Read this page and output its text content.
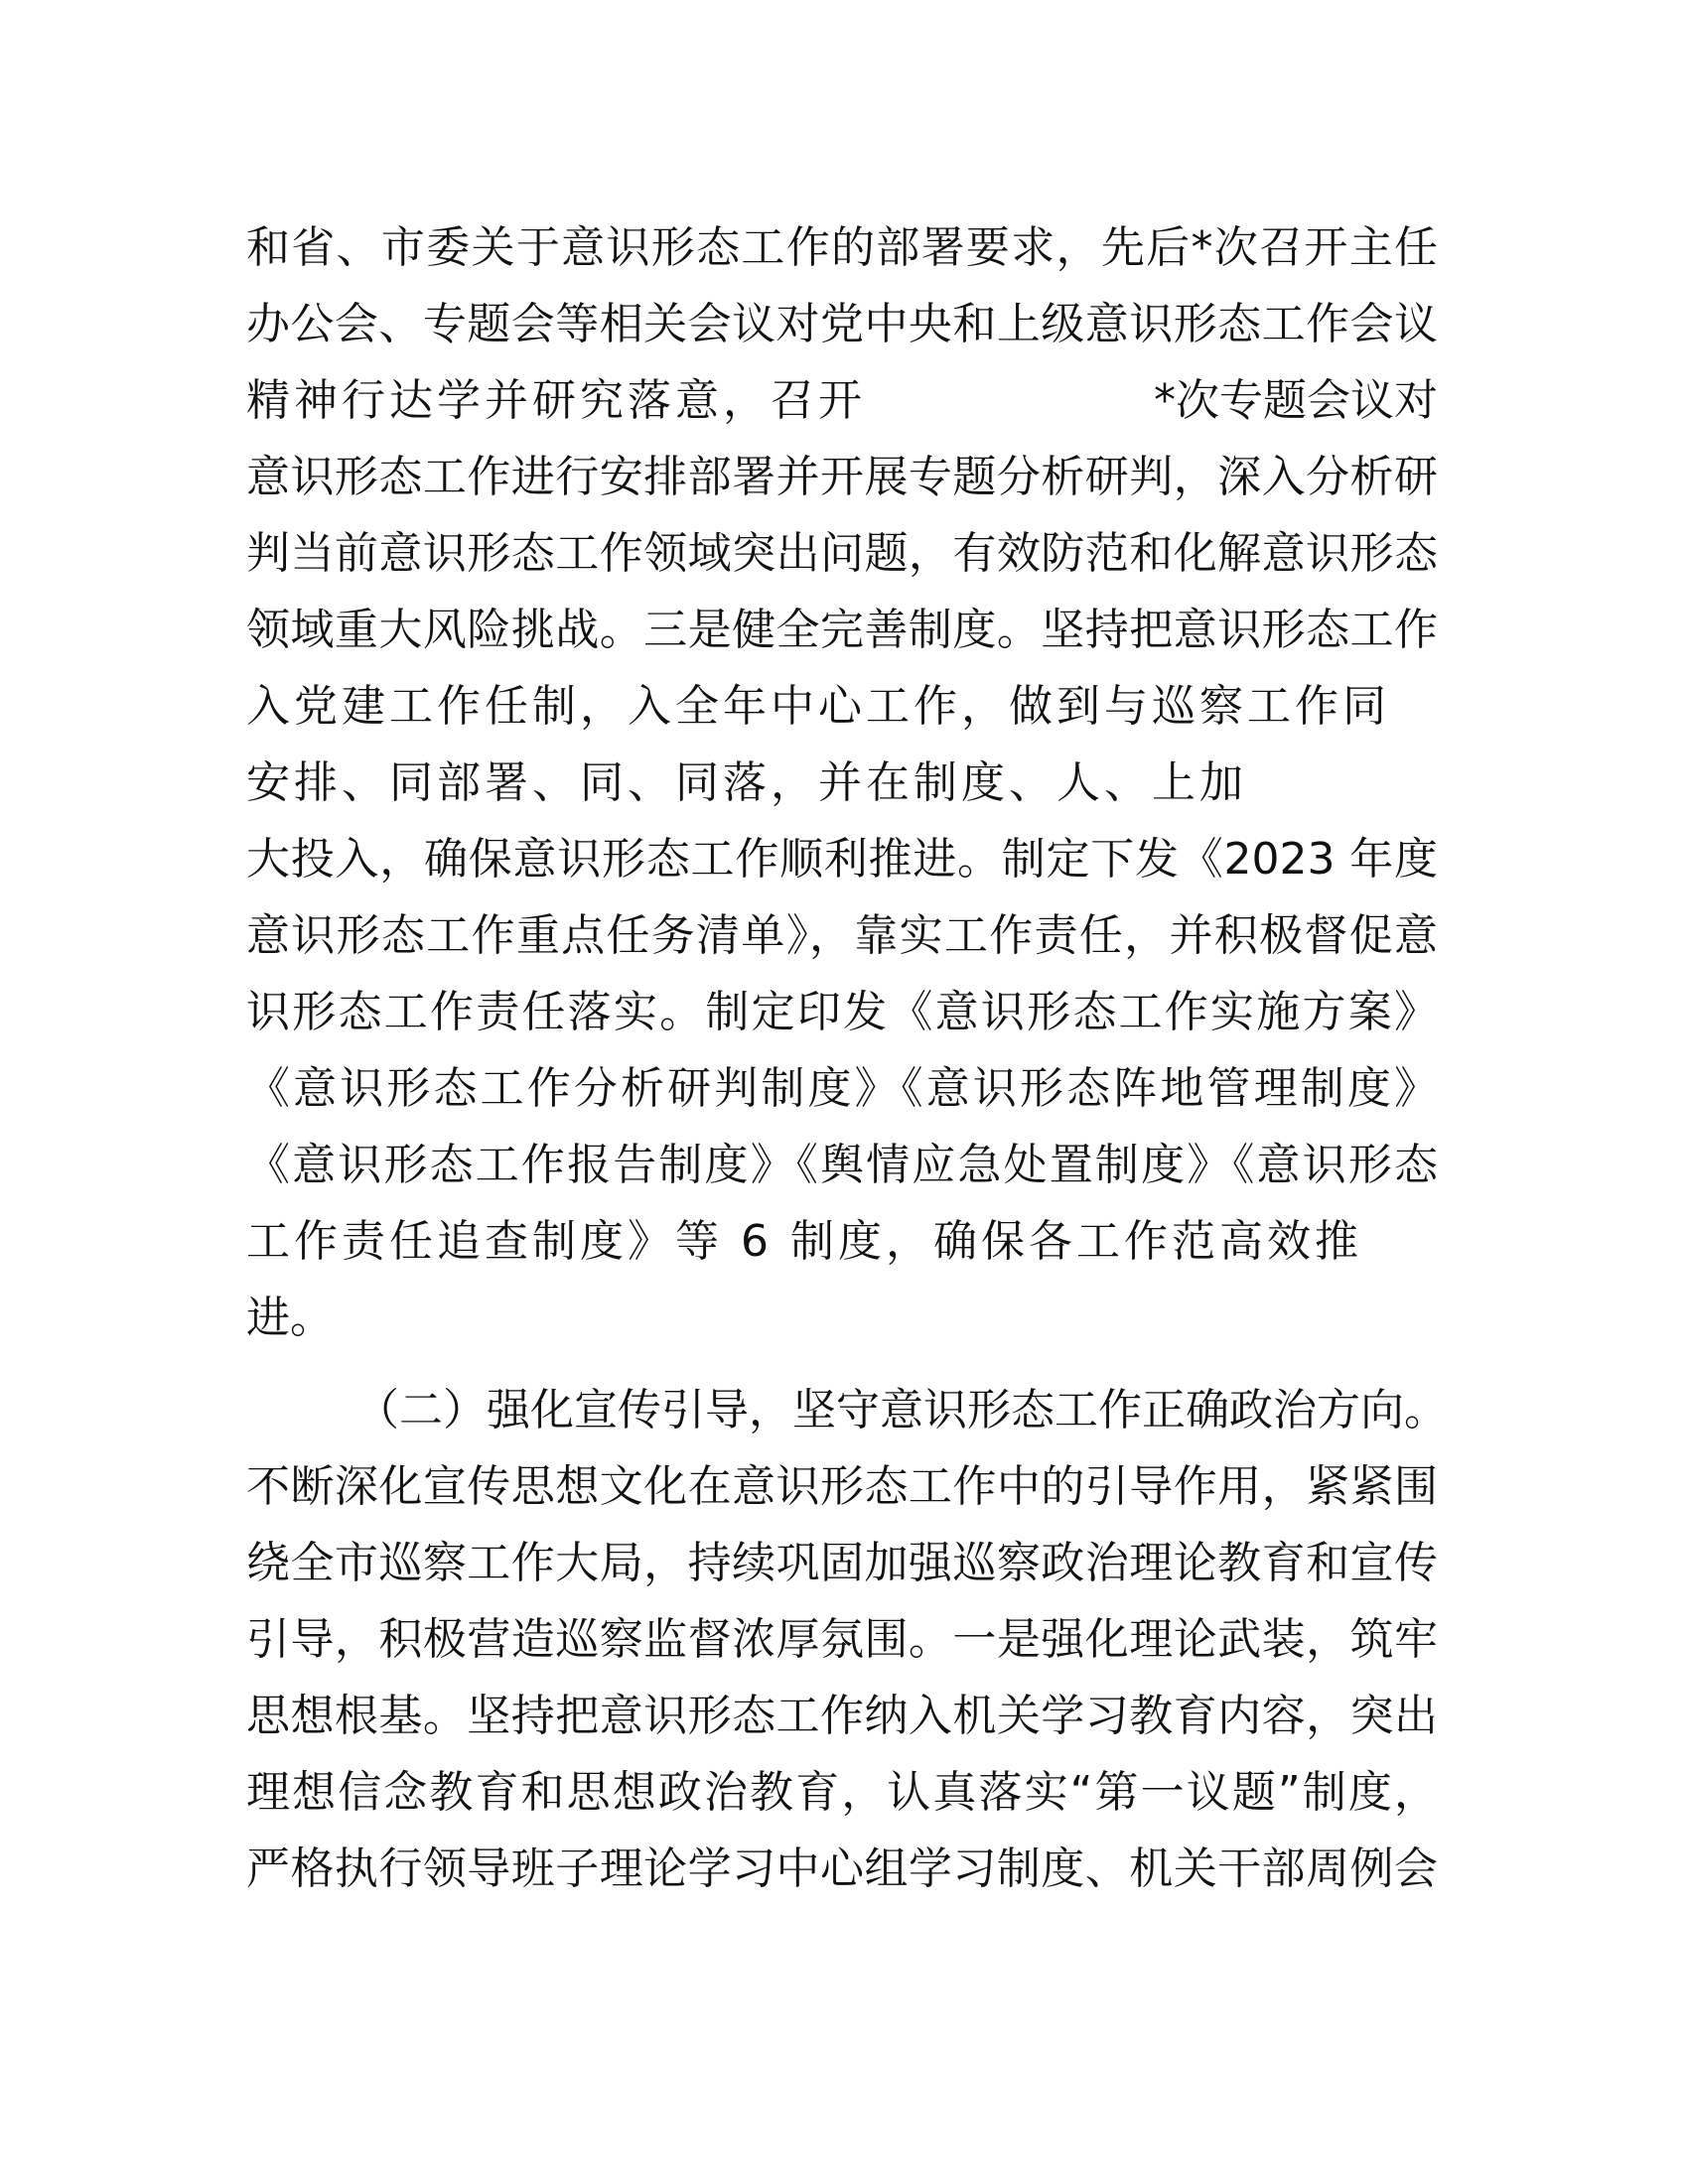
和省、市委关于意识形态工作的部署要求，先后*次召开主任
办公会、专题会等相关会议对党中央和上级意识形态工作会议
精神行达学并研究落意，召开	*次专题会议对
意识形态工作进行安排部署并开展专题分析研判，深入分析研
判当前意识形态工作领域突出问题，有效防范和化解意识形态
领域重大风险挑战。三是健全完善制度。坚持把意识形态工作
入党建工作任制，入全年中心工作，做到与巡察工作同
安排、同部署、同、同落，并在制度、人、上加
大投入，确保意识形态工作顺利推进。制定下发《2023 年度
意识形态工作重点任务清单》，靠实工作责任，并积极督促意
识形态工作责任落实。制定印发《意识形态工作实施方案》
《意识形态工作分析研判制度》《意识形态阵地管理制度》
《意识形态工作报告制度》《舆情应急处置制度》《意识形态
工作责任追查制度》等 6 制度，确保各工作范高效推
进。
（二）强化宣传引导，坚守意识形态工作正确政治方向。
不断深化宣传思想文化在意识形态工作中的引导作用，紧紧围
绕全市巡察工作大局，持续巩固加强巡察政治理论教育和宣传
引导，积极营造巡察监督浓厚氛围。一是强化理论武装，筑牢
思想根基。坚持把意识形态工作纳入机关学习教育内容，突出
理想信念教育和思想政治教育，认真落实“第一议题”制度，
严格执行领导班子理论学习中心组学习制度、机关干部周例会
